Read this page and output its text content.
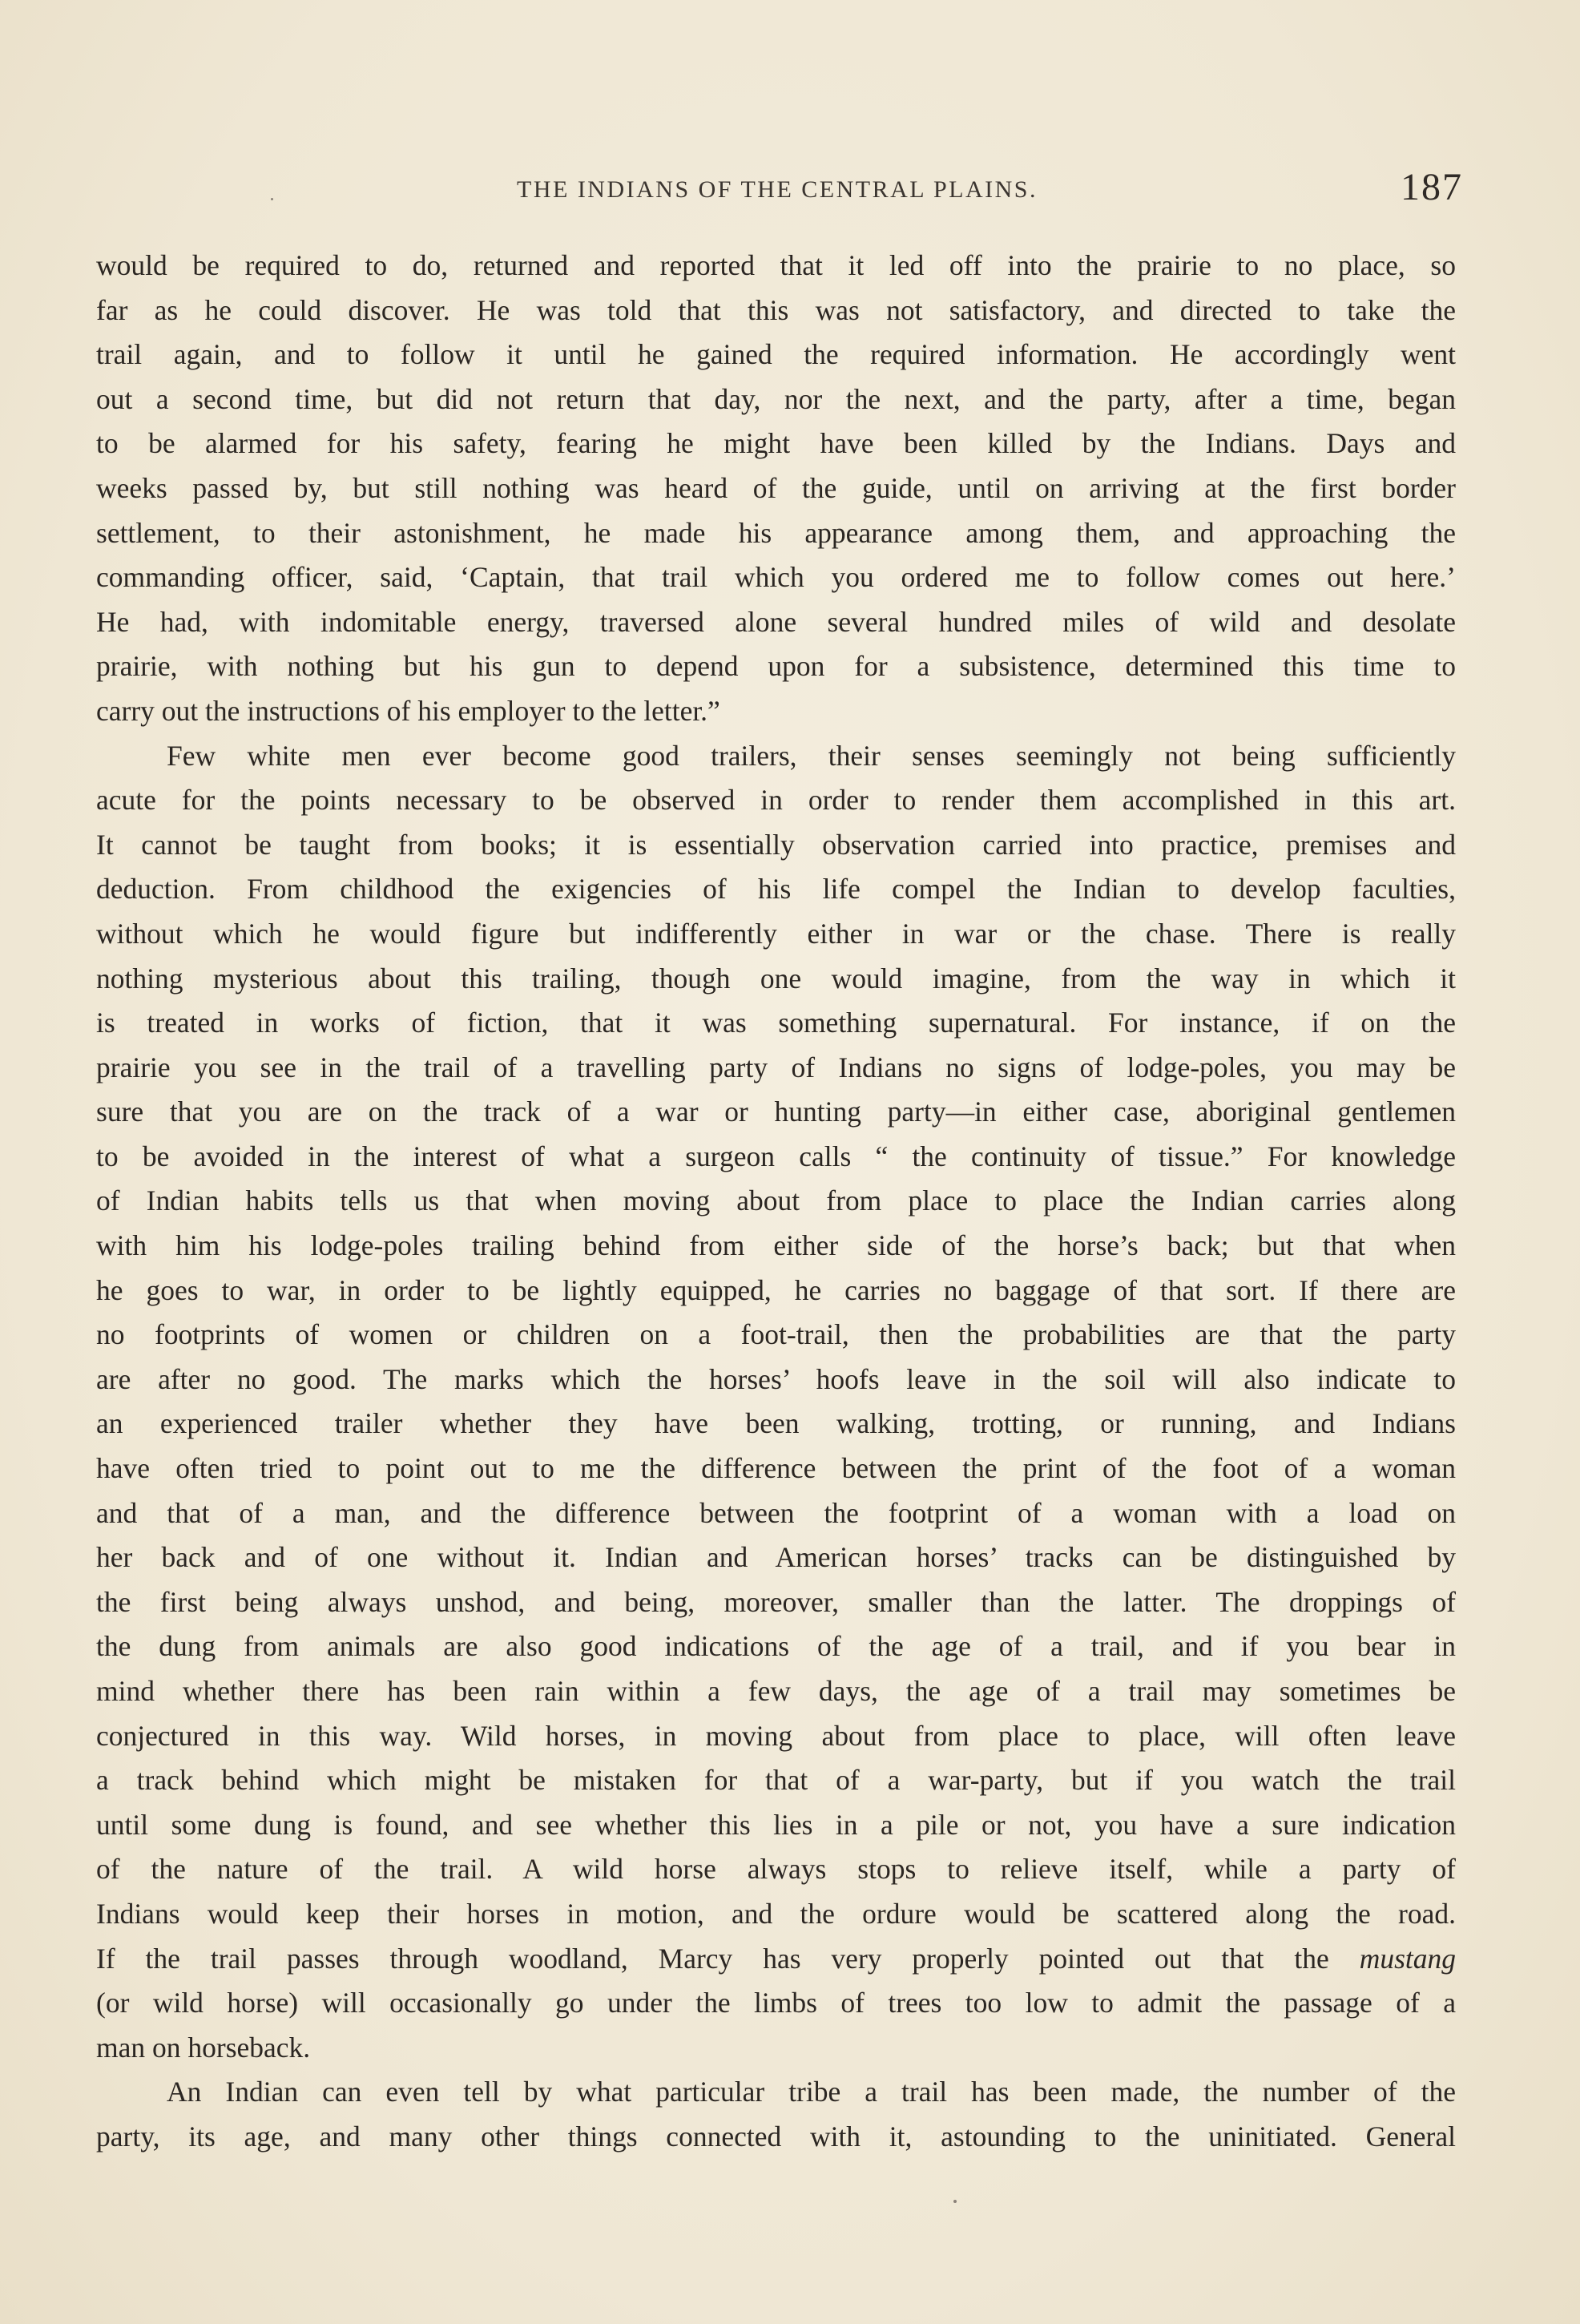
THE INDIANS OF THE CENTRAL PLAINS.	187

would be required to do, returned and reported that it led off into the prairie to no place, so

far as he could discover. He was told that this was not satisfactory, and directed to take the

trail again, and to follow it until he gained the required information. He accordingly went

out a second time, but did not return that day, nor the next, and the party, after a time, began

to be alarmed for his safety, fearing he might have been killed by the Indians. Days and

weeks passed by, but still nothing was heard of the guide, until on arriving at the first border

settlement, to their astonishment, he made his appearance among them, and approaching the

commanding officer, said, ‘Captain, that trail which you ordered me to follow comes out here.’

He had, with indomitable energy, traversed alone several hundred miles of wild and desolate

prairie, with nothing but his gun to depend upon for a subsistence, determined this time to

carry out the instructions of his employer to the letter.”

Few white men ever become good trailers, their senses seemingly not being sufficiently

acute for the points necessary to be observed in order to render them accomplished in this art.

It cannot be taught from books; it is essentially observation carried into practice, premises and

deduction. From childhood the exigencies of his life compel the Indian to develop faculties,

without which he would figure but indifferently either in war or the chase. There is really

nothing mysterious about this trailing, though one would imagine, from the way in which it

is treated in works of fiction, that it was something supernatural. For instance, if on the

prairie you see in the trail of a travelling party of Indians no signs of lodge-poles, you may be

sure that you are on the track of a war or hunting party—in either case, aboriginal gentlemen

to be avoided in the interest of what a surgeon calls “ the continuity of tissue.” For knowledge

of Indian habits tells us that when moving about from place to place the Indian carries along

with him his lodge-poles trailing behind from either side of the horse’s back; but that when

he goes to war, in order to be lightly equipped, he carries no baggage of that sort. If there are

no footprints of women or children on a foot-trail, then the probabilities are that the party

are after no good. The marks which the horses’ hoofs leave in the soil will also indicate to

an experienced trailer whether they have been walking, trotting, or running, and Indians

have often tried to point out to me the difference between the print of the foot of a woman

and that of a man, and the difference between the footprint of a woman with a load on

her back and of one without it. Indian and American horses’ tracks can be distinguished by

the first being always unshod, and being, moreover, smaller than the latter. The droppings of

the dung from animals are also good indications of the age of a trail, and if you bear in

mind whether there has been rain within a few days, the age of a trail may sometimes be

conjectured in this way. Wild horses, in moving about from place to place, will often leave

a track behind which might be mistaken for that of a war-party, but if you watch the trail

until some dung is found, and see whether this lies in a pile or not, you have a sure indication

of the nature of the trail. A wild horse always stops to relieve itself, while a party of

Indians would keep their horses in motion, and the ordure would be scattered along the road.

If the trail passes through woodland, Marcy has very properly pointed out that the mustang

(or wild horse) will occasionally go under the limbs of trees too low to admit the passage of a

man on horseback.

An Indian can even tell by what particular tribe a trail has been made, the number of the

party, its age, and many other things connected with it, astounding to the uninitiated. General
